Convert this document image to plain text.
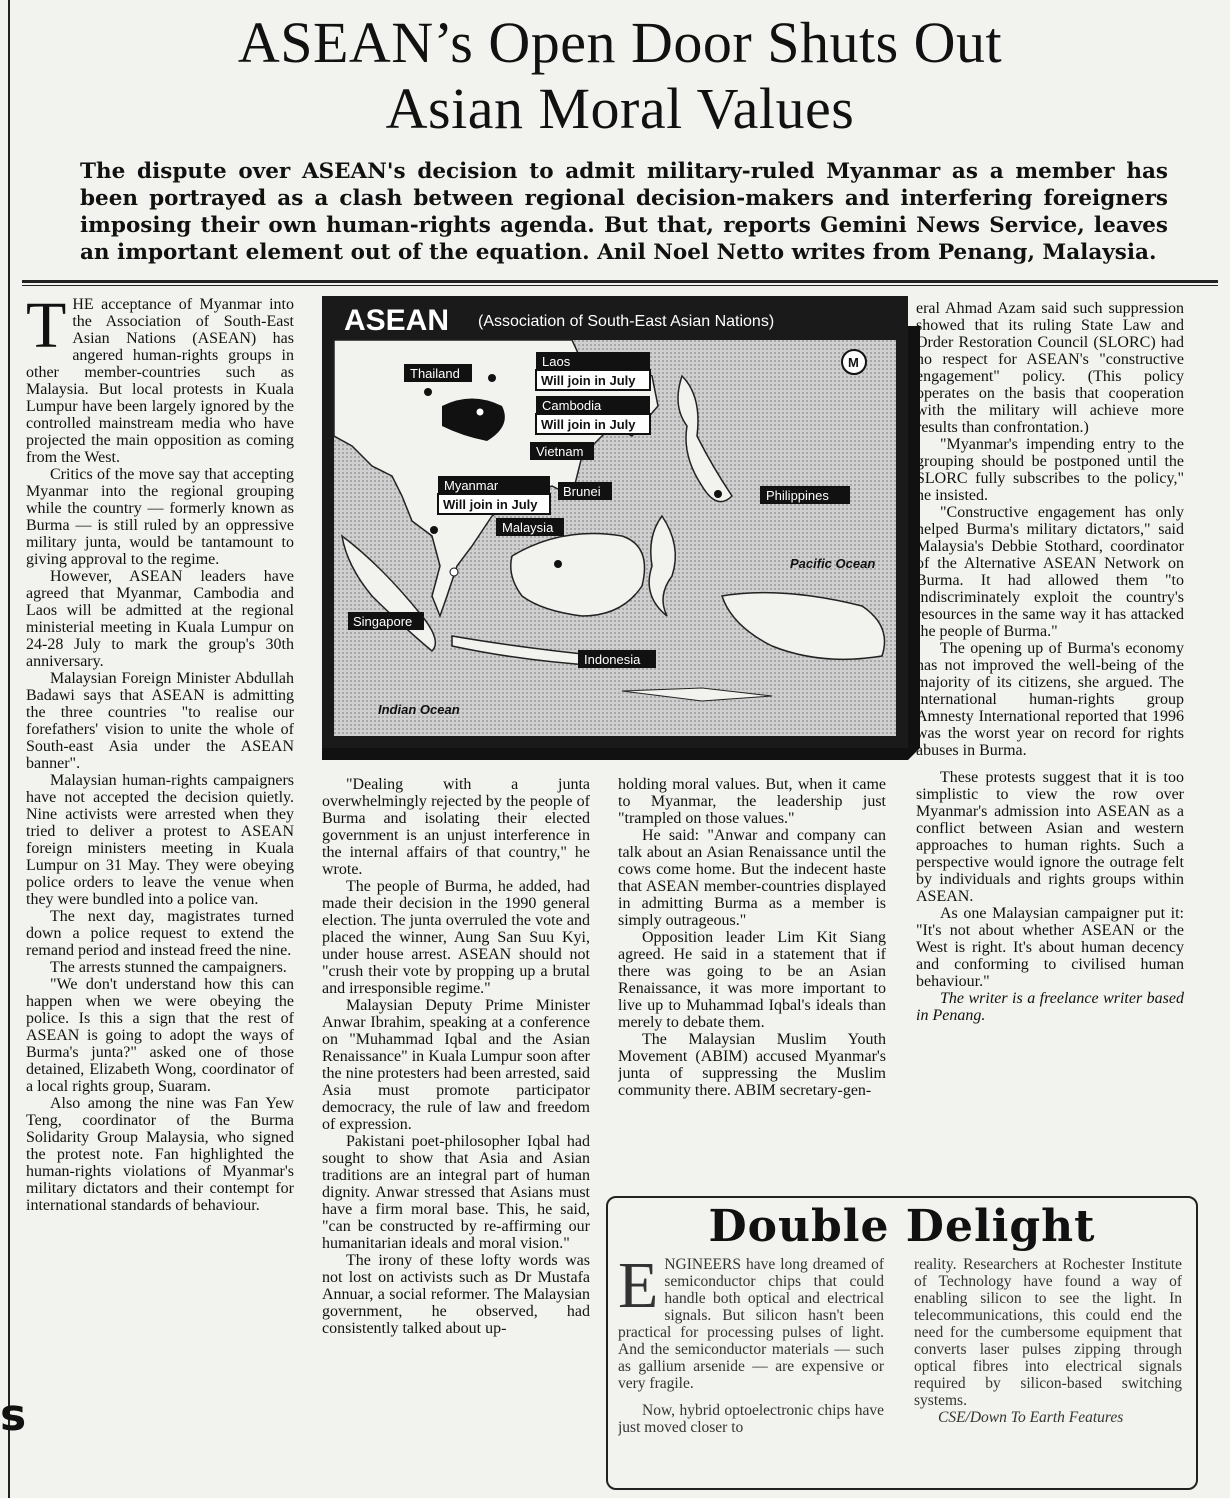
s
ASEAN’s Open Door Shuts Out
Asian Moral Values

The dispute over ASEAN's decision to admit military-ruled Myanmar as a member has been portrayed as a clash between regional decision-makers and interfering foreigners imposing their own human-rights agenda. But that, reports Gemini News Service, leaves an important element out of the equation. Anil Noel Netto writes from Penang, Malaysia.

THE acceptance of Myanmar into the Association of South-East Asian Nations (ASEAN) has angered human-rights groups in other member-countries such as Malaysia. But local protests in Kuala Lumpur have been largely ignored by the controlled mainstream media who have projected the main opposition as coming from the West.

Critics of the move say that accepting Myanmar into the regional grouping while the country — formerly known as Burma — is still ruled by an oppressive military junta, would be tantamount to giving approval to the regime.

However, ASEAN leaders have agreed that Myanmar, Cambodia and Laos will be admitted at the regional ministerial meeting in Kuala Lumpur on 24-28 July to mark the group's 30th anniversary.

Malaysian Foreign Minister Abdullah Badawi says that ASEAN is admitting the three countries "to realise our forefathers' vision to unite the whole of South-east Asia under the ASEAN banner".

Malaysian human-rights campaigners have not accepted the decision quietly. Nine activists were arrested when they tried to deliver a protest to ASEAN foreign ministers meeting in Kuala Lumpur on 31 May. They were obeying police orders to leave the venue when they were bundled into a police van.

The next day, magistrates turned down a police request to extend the remand period and instead freed the nine.

The arrests stunned the campaigners.

"We don't understand how this can happen when we were obeying the police. Is this a sign that the rest of ASEAN is going to adopt the ways of Burma's junta?" asked one of those detained, Elizabeth Wong, coordinator of a local rights group, Suaram.

Also among the nine was Fan Yew Teng, coordinator of the Burma Solidarity Group Malaysia, who signed the protest note. Fan highlighted the human-rights violations of Myanmar's military dictators and their contempt for international standards of behaviour.

ASEAN (Association of South-East Asian Nations)
Thailand
Laos
Will join in July
Cambodia
Will join in July
Vietnam
Myanmar
Will join in July
Brunei
Malaysia
Philippines
Singapore
Indonesia
Pacific Ocean
Indian Ocean
M

"Dealing with a junta overwhelmingly rejected by the people of Burma and isolating their elected government is an unjust interference in the internal affairs of that country," he wrote.

The people of Burma, he added, had made their decision in the 1990 general election. The junta overruled the vote and placed the winner, Aung San Suu Kyi, under house arrest. ASEAN should not "crush their vote by propping up a brutal and irresponsible regime."

Malaysian Deputy Prime Minister Anwar Ibrahim, speaking at a conference on "Muhammad Iqbal and the Asian Renaissance" in Kuala Lumpur soon after the nine protesters had been arrested, said Asia must promote participator democracy, the rule of law and freedom of expression.

Pakistani poet-philosopher Iqbal had sought to show that Asia and Asian traditions are an integral part of human dignity. Anwar stressed that Asians must have a firm moral base. This, he said, "can be constructed by re-affirming our humanitarian ideals and moral vision."

The irony of these lofty words was not lost on activists such as Dr Mustafa Annuar, a social reformer. The Malaysian government, he observed, had consistently talked about up-

holding moral values. But, when it came to Myanmar, the leadership just "trampled on those values."

He said: "Anwar and company can talk about an Asian Renaissance until the cows come home. But the indecent haste that ASEAN member-countries displayed in admitting Burma as a member is simply outrageous."

Opposition leader Lim Kit Siang agreed. He said in a statement that if there was going to be an Asian Renaissance, it was more important to live up to Muhammad Iqbal's ideals than merely to debate them.

The Malaysian Muslim Youth Movement (ABIM) accused Myanmar's junta of suppressing the Muslim community there. ABIM secretary-gen-

eral Ahmad Azam said such suppression showed that its ruling State Law and Order Restoration Council (SLORC) had no respect for ASEAN's "constructive engagement" policy. (This policy operates on the basis that cooperation with the military will achieve more results than confrontation.)

"Myanmar's impending entry to the grouping should be postponed until the SLORC fully subscribes to the policy," he insisted.

"Constructive engagement has only helped Burma's military dictators," said Malaysia's Debbie Stothard, coordinator of the Alternative ASEAN Network on Burma. It had allowed them "to indiscriminately exploit the country's resources in the same way it has attacked the people of Burma."

The opening up of Burma's economy has not improved the well-being of the majority of its citizens, she argued. The international human-rights group Amnesty International reported that 1996 was the worst year on record for rights abuses in Burma.

These protests suggest that it is too simplistic to view the row over Myanmar's admission into ASEAN as a conflict between Asian and western approaches to human rights. Such a perspective would ignore the outrage felt by individuals and rights groups within ASEAN.

As one Malaysian campaigner put it: "It's not about whether ASEAN or the West is right. It's about human decency and conforming to civilised human behaviour."

The writer is a freelance writer based in Penang.

Double Delight

ENGINEERS have long dreamed of semiconductor chips that could handle both optical and electrical signals. But silicon hasn't been practical for processing pulses of light. And the semiconductor materials — such as gallium arsenide — are expensive or very fragile.

Now, hybrid optoelectronic chips have just moved closer to

reality. Researchers at Rochester Institute of Technology have found a way of enabling silicon to see the light. In telecommunications, this could end the need for the cumbersome equipment that converts laser pulses zipping through optical fibres into electrical signals required by silicon-based switching systems.

CSE/Down To Earth Features
